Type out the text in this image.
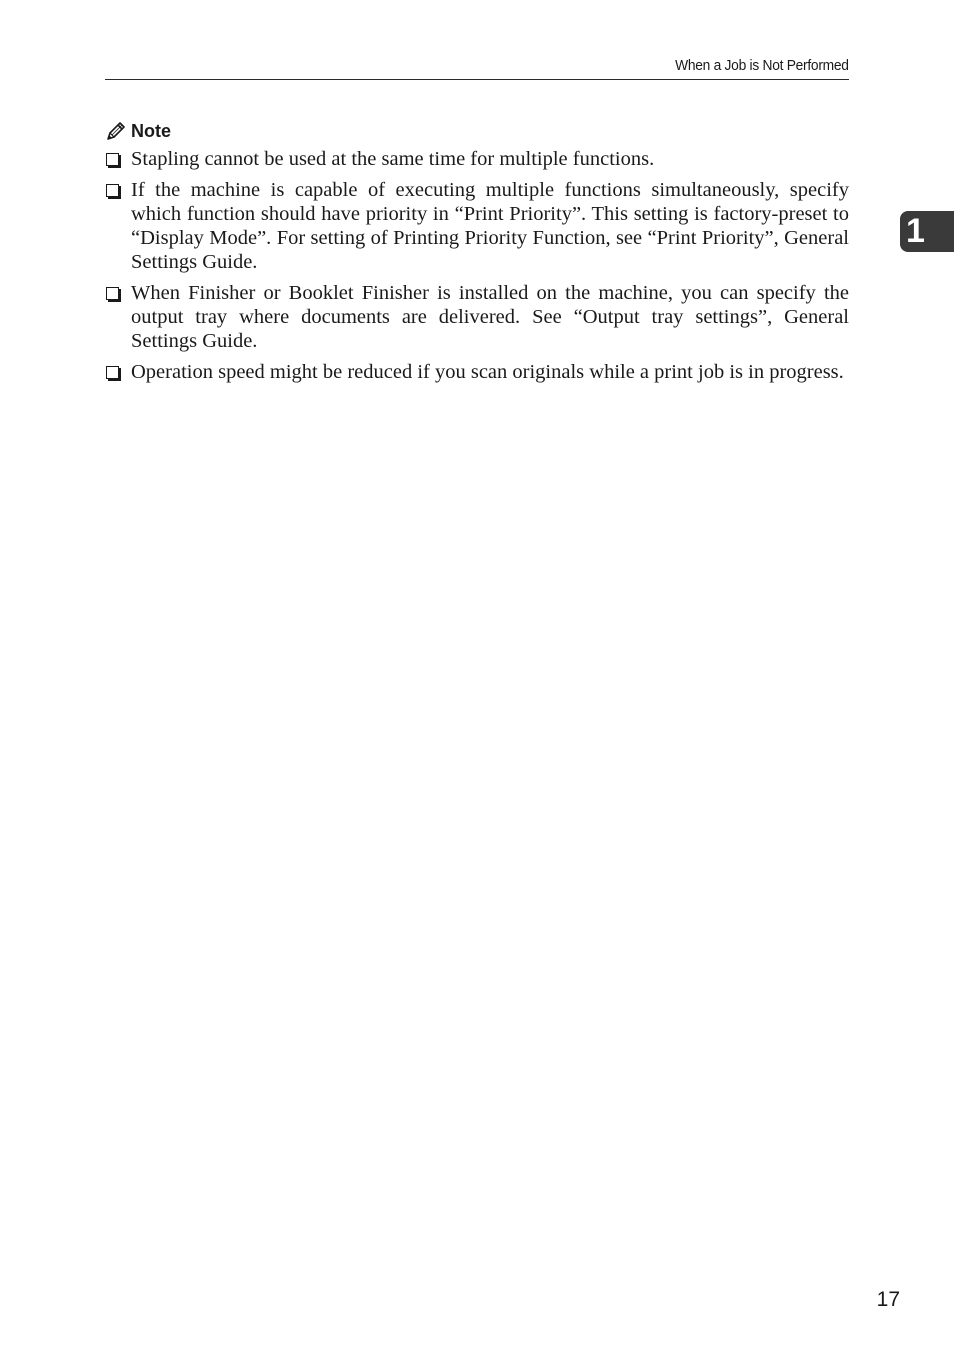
When a Job is Not Performed
Note
Stapling cannot be used at the same time for multiple functions.
If the machine is capable of executing multiple functions simultaneously, specify which function should have priority in “Print Priority”. This setting is factory-preset to “Display Mode”. For setting of Printing Priority Function, see “Print Priority”, General Settings Guide.
When Finisher or Booklet Finisher is installed on the machine, you can specify the output tray where documents are delivered. See “Output tray settings”, General Settings Guide.
Operation speed might be reduced if you scan originals while a print job is in progress.
1
17
